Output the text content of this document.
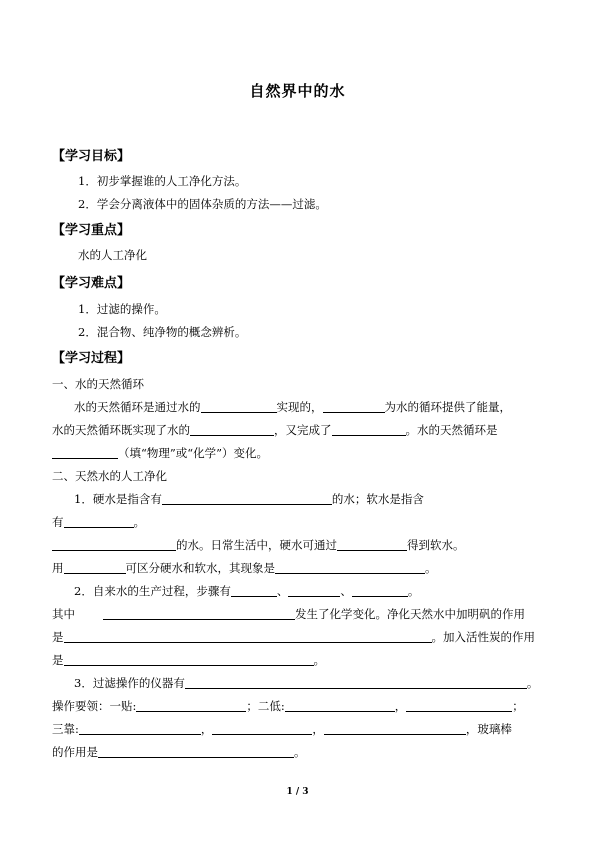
自然界中的水
【学习目标】
1．初步掌握谁的人工净化方法。
2．学会分离液体中的固体杂质的方法——过滤。
【学习重点】
水的人工净化
【学习难点】
1．过滤的操作。
2．混合物、纯净物的概念辨析。
【学习过程】
一、水的天然循环
水的天然循环是通过水的	实现的，	为水的循环提供了能量，
水的天然循环既实现了水的	，又完成了	。水的天然循环是
（填“物理”或“化学”）变化。
二、天然水的人工净化
1．硬水是指含有	的水；软水是指含
有	。
的水。日常生活中，硬水可通过	得到软水。
用	可区分硬水和软水，其现象是	。
2．自来水的生产过程，步骤有	、	、	。
其中	发生了化学变化。净化天然水中加明矾的作用
是	。加入活性炭的作用
是	。
3．过滤操作的仪器有	。
操作要领：一贴:	；二低:	，	；
三靠:	，	，	，玻璃棒
的作用是	。
1 / 3
